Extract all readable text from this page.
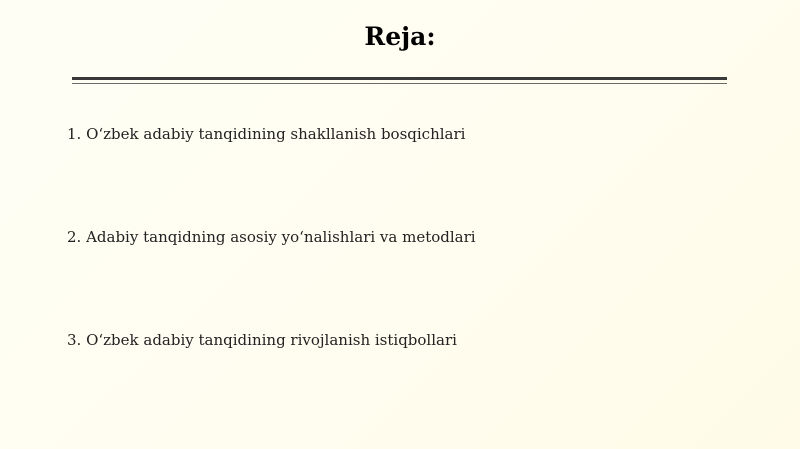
Reja:
1. O‘zbek adabiy tanqidining shakllanish bosqichlari
2. Adabiy tanqidning asosiy yo‘nalishlari va metodlari
3. O‘zbek adabiy tanqidining rivojlanish istiqbollari
